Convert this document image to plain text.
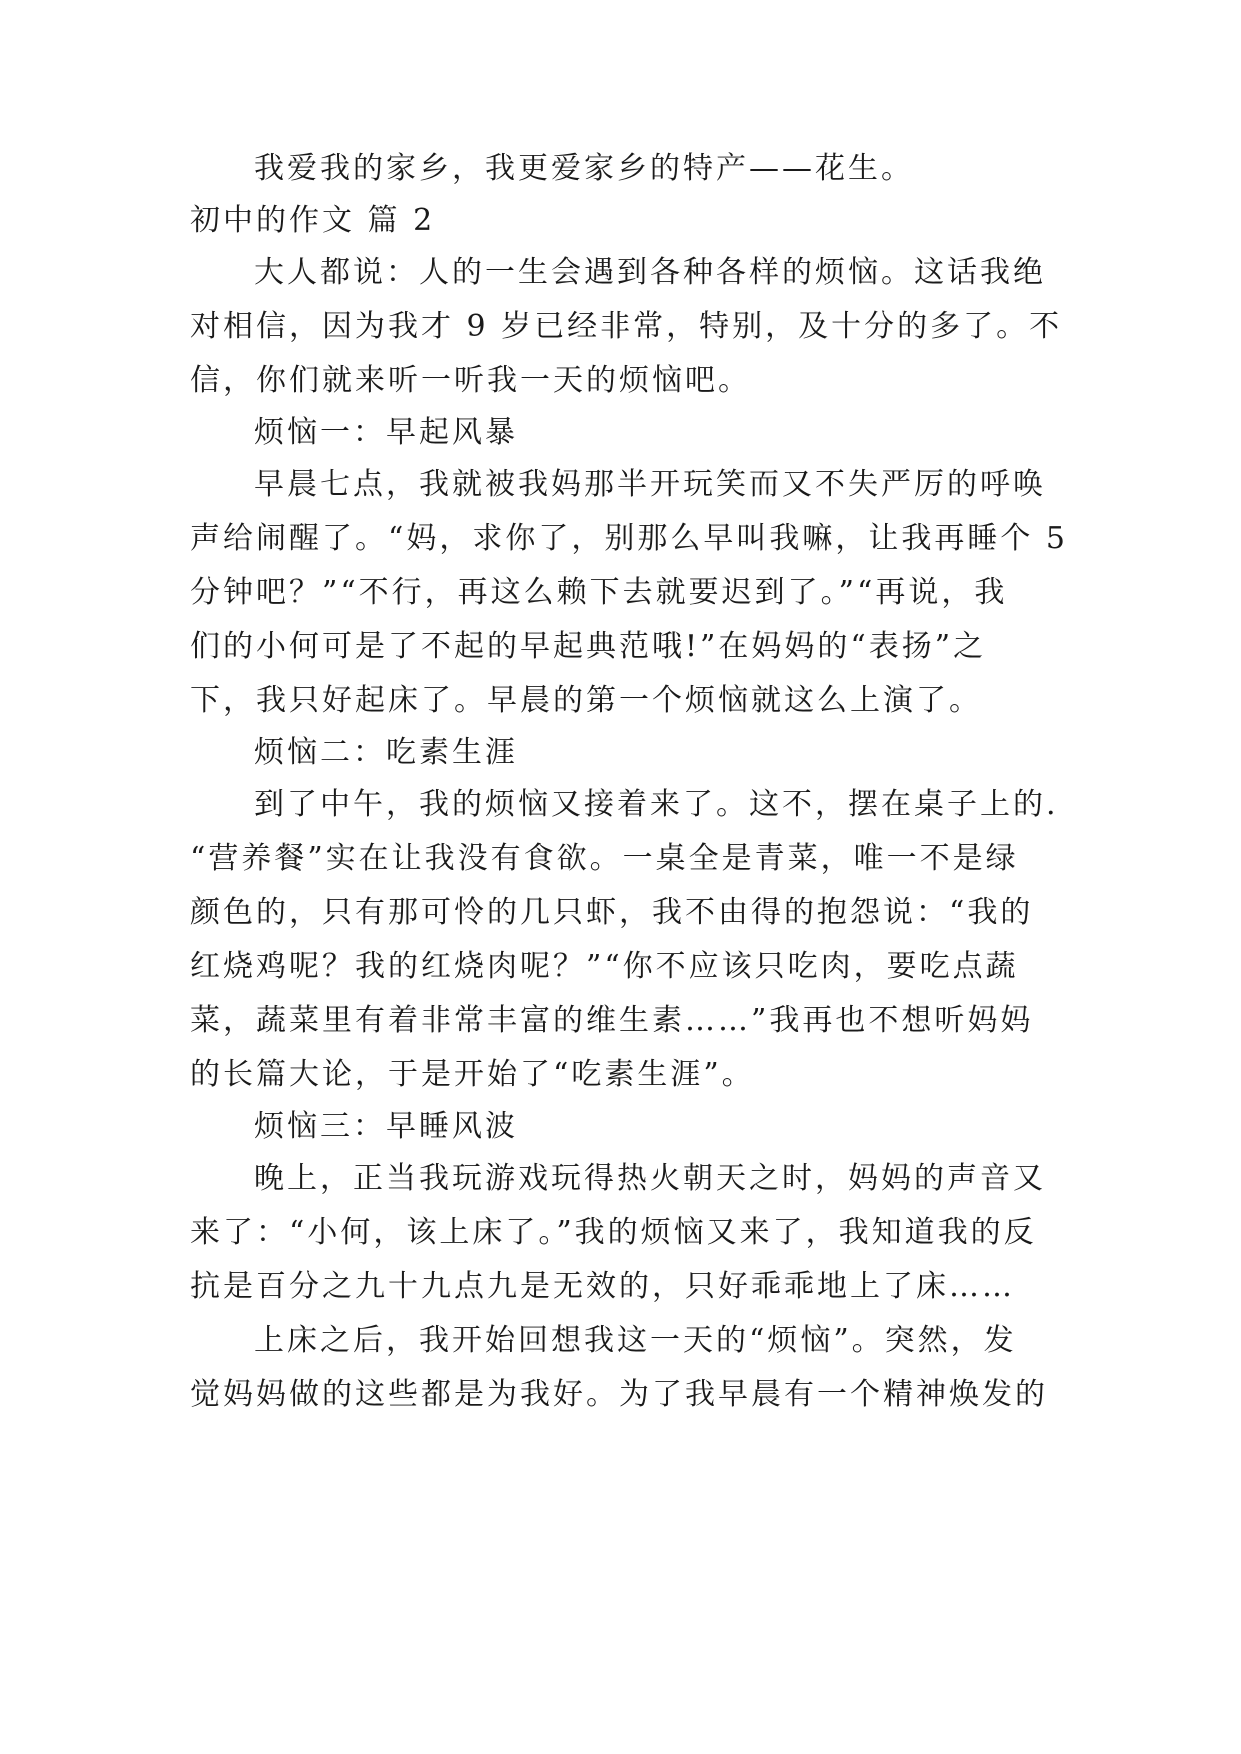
我爱我的家乡，我更爱家乡的特产——花生。
初中的作文 篇 2
大人都说：人的一生会遇到各种各样的烦恼。这话我绝
对相信，因为我才 9 岁已经非常，特别，及十分的多了。不
信，你们就来听一听我一天的烦恼吧。
烦恼一：早起风暴
早晨七点，我就被我妈那半开玩笑而又不失严厉的呼唤
声给闹醒了。“妈，求你了，别那么早叫我嘛，让我再睡个 5
分钟吧？”“不行，再这么赖下去就要迟到了。”“再说，我
们的小何可是了不起的早起典范哦!”在妈妈的“表扬”之
下，我只好起床了。早晨的第一个烦恼就这么上演了。
烦恼二：吃素生涯
到了中午，我的烦恼又接着来了。这不，摆在桌子上的.
“营养餐”实在让我没有食欲。一桌全是青菜，唯一不是绿
颜色的，只有那可怜的几只虾，我不由得的抱怨说：“我的
红烧鸡呢？我的红烧肉呢？”“你不应该只吃肉，要吃点蔬
菜，蔬菜里有着非常丰富的维生素……”我再也不想听妈妈
的长篇大论，于是开始了“吃素生涯”。
烦恼三：早睡风波
晚上，正当我玩游戏玩得热火朝天之时，妈妈的声音又
来了：“小何，该上床了。”我的烦恼又来了，我知道我的反
抗是百分之九十九点九是无效的，只好乖乖地上了床……
上床之后，我开始回想我这一天的“烦恼”。突然，发
觉妈妈做的这些都是为我好。为了我早晨有一个精神焕发的
